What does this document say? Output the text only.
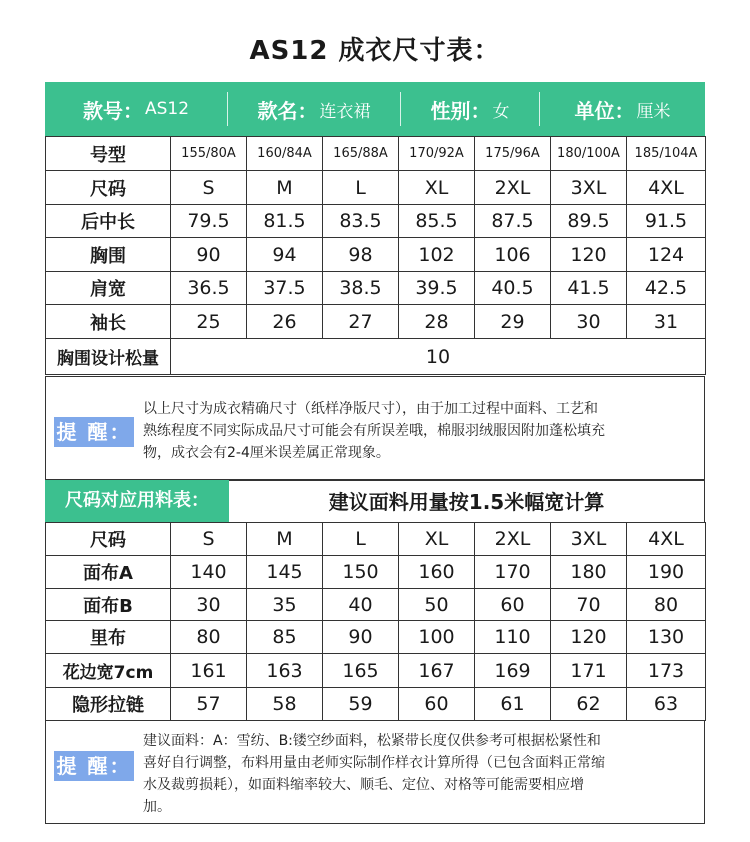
AS12 成衣尺寸表：
款号： AS12	款名： 连衣裙	性别： 女	单位： 厘米
号型	155/80A	160/84A	165/88A	170/92A	175/96A	180/100A	185/104A
尺码	S	M	L	XL	2XL	3XL	4XL
后中长	79.5	81.5	83.5	85.5	87.5	89.5	91.5
胸围	90	94	98	102	106	120	124
肩宽	36.5	37.5	38.5	39.5	40.5	41.5	42.5
袖长	25	26	27	28	29	30	31
胸围设计松量	10						
提 醒：
以上尺寸为成衣精确尺寸（纸样净版尺寸），由于加工过程中面料、工艺和
熟练程度不同实际成品尺寸可能会有所误差哦，棉服羽绒服因附加蓬松填充
物，成衣会有2-4厘米误差属正常现象。
尺码对应用料表：	建议面料用量按1.5米幅宽计算
尺码	S	M	L	XL	2XL	3XL	4XL
面布A	140	145	150	160	170	180	190
面布B	30	35	40	50	60	70	80
里布	80	85	90	100	110	120	130
花边宽7cm	161	163	165	167	169	171	173
隐形拉链	57	58	59	60	61	62	63
提 醒：
建议面料：A：雪纺、B:镂空纱面料，松紧带长度仅供参考可根据松紧性和
喜好自行调整，布料用量由老师实际制作样衣计算所得（已包含面料正常缩
水及裁剪损耗），如面料缩率较大、顺毛、定位、对格等可能需要相应增
加。
